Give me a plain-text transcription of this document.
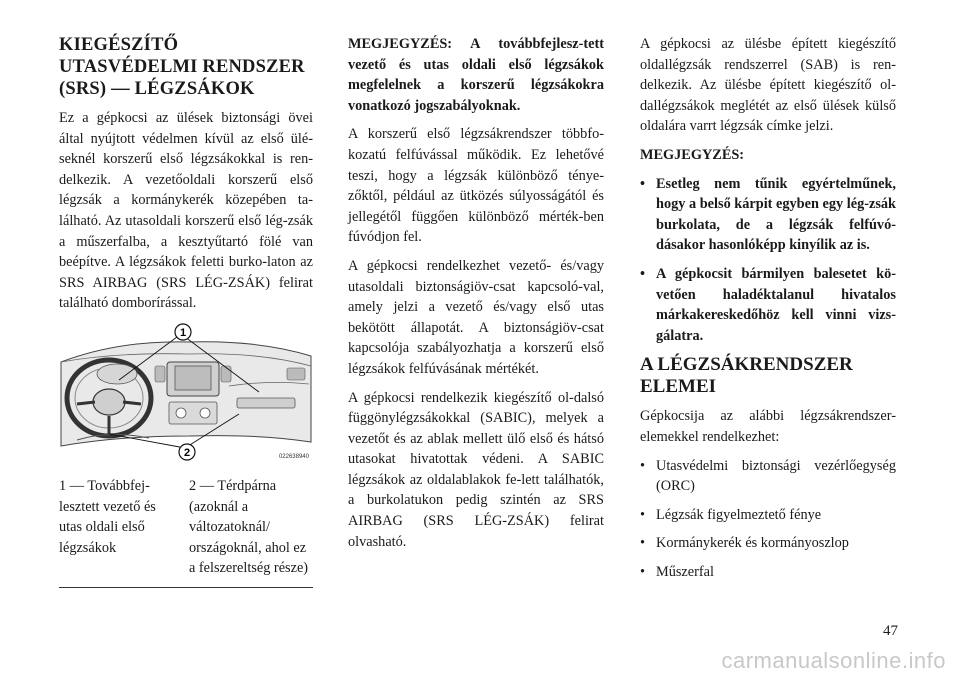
KIEGÉSZÍTŐ UTASVÉDELMI RENDSZER (SRS) — LÉGZSÁKOK

Ez a gépkocsi az ülések biztonsági övei által nyújtott védelmen kívül az első ülé-seknél korszerű első légzsákokkal is ren-delkezik. A vezetőoldali korszerű első légzsák a kormánykerék közepében ta-lálható. Az utasoldali korszerű első lég-zsák a műszerfalba, a kesztyűtartó fölé van beépítve. A légzsákok feletti burko-laton az SRS AIRBAG (SRS LÉG-ZSÁK) felirat található domborírással.

1
2	022638940
1 — Továbbfej-lesztett vezető és utas oldali első légzsákok
2 — Térdpárna (azoknál a változatoknál/ országoknál, ahol ez a felszereltség része)

MEGJEGYZÉS: A továbbfejlesz-tett vezető és utas oldali első légzsákok megfelelnek a korszerű légzsákokra vonatkozó jogszabályoknak.

A korszerű első légzsákrendszer többfo-kozatú felfúvással működik. Ez lehetővé teszi, hogy a légzsák különböző ténye-zőktől, például az ütközés súlyosságától és jellegétől függően különböző mérték-ben fúvódjon fel.

A gépkocsi rendelkezhet vezető- és/vagy utasoldali biztonságiöv-csat kapcsoló-val, amely jelzi a vezető és/vagy első utas bekötött állapotát. A biztonságiöv-csat kapcsolója szabályozhatja a korszerű első légzsákok felfúvásának mértékét.

A gépkocsi rendelkezik kiegészítő ol-dalsó függönylégzsákokkal (SABIC), melyek a vezetőt és az ablak mellett ülő első és hátsó utasokat hivatottak védeni. A SABIC légzsákok az oldalablakok fe-lett találhatók, a burkolatukon pedig szintén az SRS AIRBAG (SRS LÉG-ZSÁK) felirat olvasható.

A gépkocsi az ülésbe épített kiegészítő oldallégzsák rendszerrel (SAB) is ren-delkezik. Az ülésbe épített kiegészítő ol-dallégzsákok meglétét az első ülések külső oldalára varrt légzsák címke jelzi.

MEGJEGYZÉS:

• Esetleg nem tűnik egyértelműnek, hogy a belső kárpit egyben egy lég-zsák burkolata, de a légzsák felfúvó-dásakor hasonlóképp kinyílik az is.
• A gépkocsit bármilyen balesetet kö-vetően haladéktalanul hivatalos márkakereskedőhöz kell vinni vizs-gálatra.
A LÉGZSÁKRENDSZER ELEMEI

Gépkocsija az alábbi légzsákrendszer-elemekkel rendelkezhet:

• Utasvédelmi biztonsági vezérlőegység (ORC)
• Légzsák figyelmeztető fénye
• Kormánykerék és kormányoszlop
• Műszerfal
47
carmanualsonline.info
